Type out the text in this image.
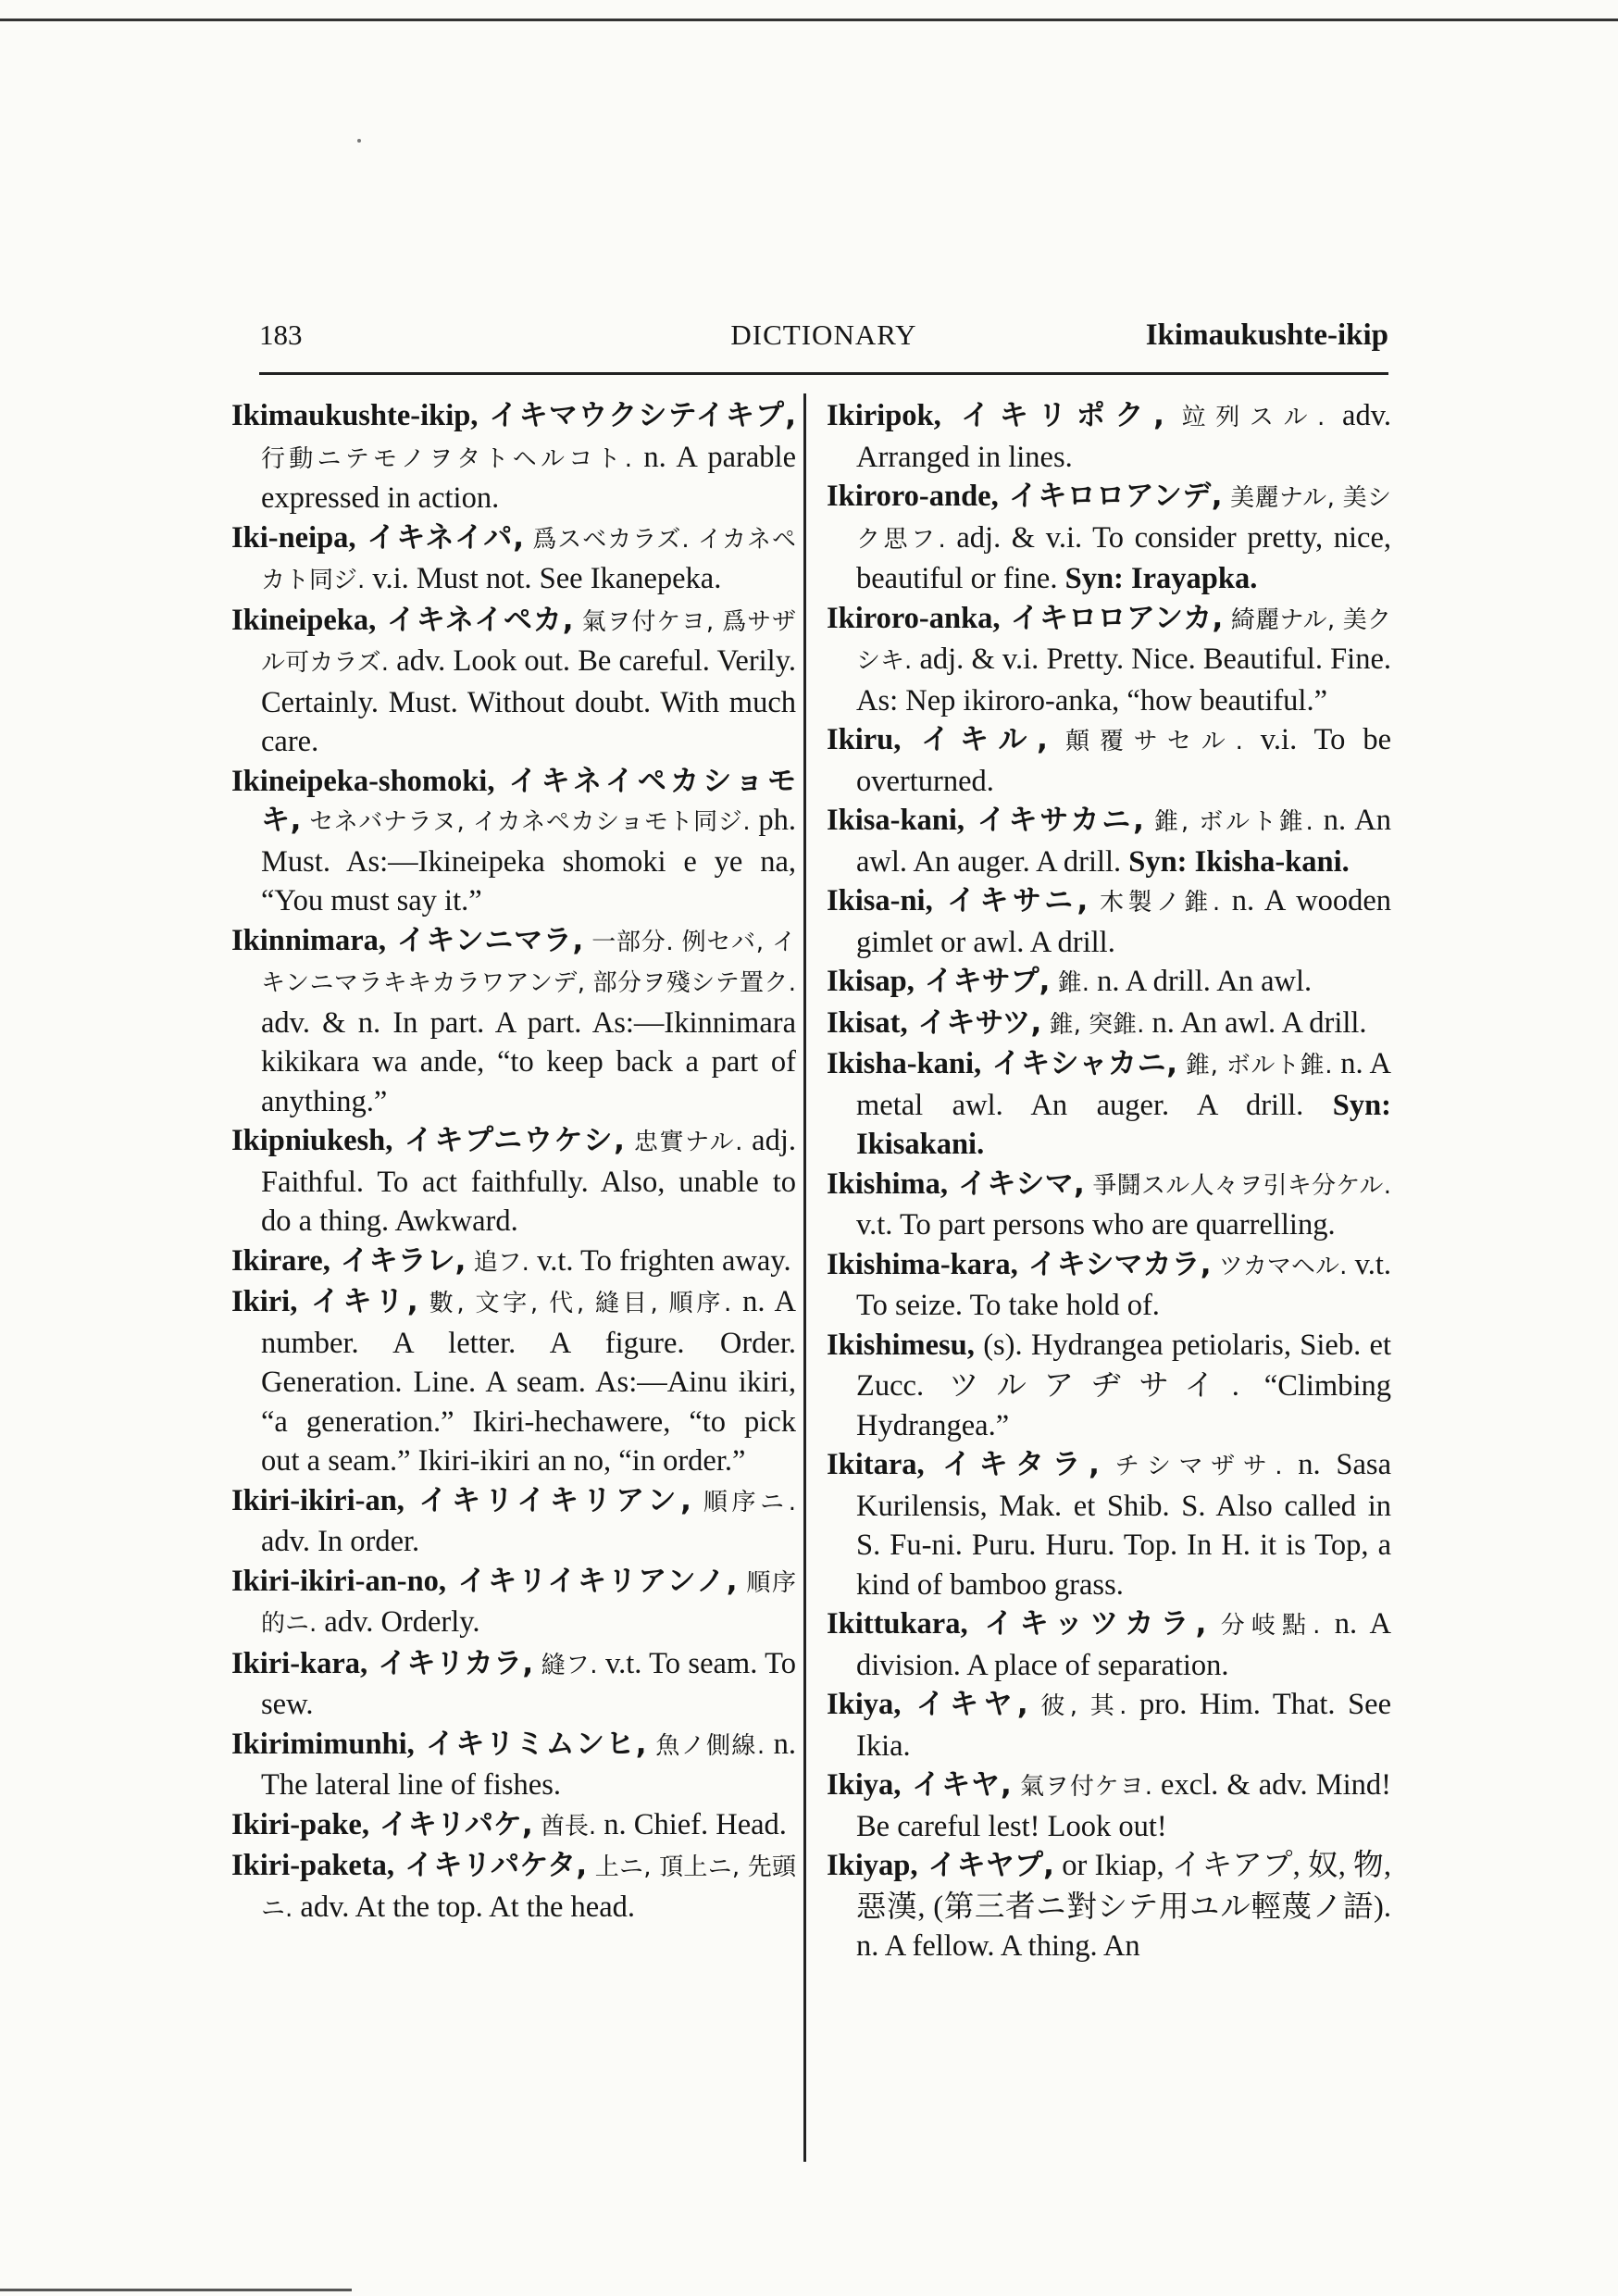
183	DICTIONARY	Ikimaukushte-ikip

Ikimaukushte-ikip, イキマウクシテイキプ, 行動ニテモノヲタトヘルコト. n. A parable expressed in action.

Iki-neipa, イキネイパ, 爲スベカラズ. イカネペカト同ジ. v.i. Must not. See Ikanepeka.

Ikineipeka, イキネイペカ, 氣ヲ付ケヨ, 爲サザル可カラズ. adv. Look out. Be careful. Verily. Certainly. Must. Without doubt. With much care.

Ikineipeka-shomoki, イキネイペカショモキ, セネバナラヌ, イカネペカショモト同ジ. ph. Must. As:—Ikineipeka shomoki e ye na, “You must say it.”

Ikinnimara, イキンニマラ, 一部分. 例セバ, イキンニマラキキカラワアンデ, 部分ヲ殘シテ置ク. adv. & n. In part. A part. As:—Ikinnimara kikikara wa ande, “to keep back a part of anything.”

Ikipniukesh, イキプニウケシ, 忠實ナル. adj. Faithful. To act faithfully. Also, unable to do a thing. Awkward.

Ikirare, イキラレ, 追フ. v.t. To frighten away.

Ikiri, イキリ, 數, 文字, 代, 縫目, 順序. n. A number. A letter. A figure. Order. Generation. Line. A seam. As:—Ainu ikiri, “a generation.” Ikiri-hechawere, “to pick out a seam.” Ikiri-ikiri an no, “in order.”

Ikiri-ikiri-an, イキリイキリアン, 順序ニ. adv. In order.

Ikiri-ikiri-an-no, イキリイキリアンノ, 順序的ニ. adv. Orderly.

Ikiri-kara, イキリカラ, 縫フ. v.t. To seam. To sew.

Ikirimimunhi, イキリミムンヒ, 魚ノ側線. n. The lateral line of fishes.

Ikiri-pake, イキリパケ, 酋長. n. Chief. Head.

Ikiri-paketa, イキリパケタ, 上ニ, 頂上ニ, 先頭ニ. adv. At the top. At the head.

Ikiripok, イキリポク, 竝列スル. adv. Arranged in lines.

Ikiroro-ande, イキロロアンデ, 美麗ナル, 美シク思フ. adj. & v.i. To consider pretty, nice, beautiful or fine. Syn: Irayapka.

Ikiroro-anka, イキロロアンカ, 綺麗ナル, 美クシキ. adj. & v.i. Pretty. Nice. Beautiful. Fine. As: Nep ikiroro-anka, “how beautiful.”

Ikiru, イキル, 顛覆サセル. v.i. To be overturned.

Ikisa-kani, イキサカニ, 錐, ボルト錐. n. An awl. An auger. A drill. Syn: Ikisha-kani.

Ikisa-ni, イキサニ, 木製ノ錐. n. A wooden gimlet or awl. A drill.

Ikisap, イキサプ, 錐. n. A drill. An awl.

Ikisat, イキサツ, 錐, 突錐. n. An awl. A drill.

Ikisha-kani, イキシャカニ, 錐, ボルト錐. n. A metal awl. An auger. A drill. Syn: Ikisakani.

Ikishima, イキシマ, 爭鬪スル人々ヲ引キ分ケル. v.t. To part persons who are quarrelling.

Ikishima-kara, イキシマカラ, ツカマヘル. v.t. To seize. To take hold of.

Ikishimesu, (s). Hydrangea petiolaris, Sieb. et Zucc. ツルアヂサイ. “Climbing Hydrangea.”

Ikitara, イキタラ, チシマザサ. n. Sasa Kurilensis, Mak. et Shib. S. Also called in S. Fu-ni. Puru. Huru. Top. In H. it is Top, a kind of bamboo grass.

Ikittukara, イキッツカラ, 分岐點. n. A division. A place of separation.

Ikiya, イキヤ, 彼, 其. pro. Him. That. See Ikia.

Ikiya, イキヤ, 氣ヲ付ケヨ. excl. & adv. Mind! Be careful lest! Look out!

Ikiyap, イキヤプ, or Ikiap, イキアプ, 奴, 物, 惡漢, (第三者ニ對シテ用ユル輕蔑ノ語). n. A fellow. A thing. An
